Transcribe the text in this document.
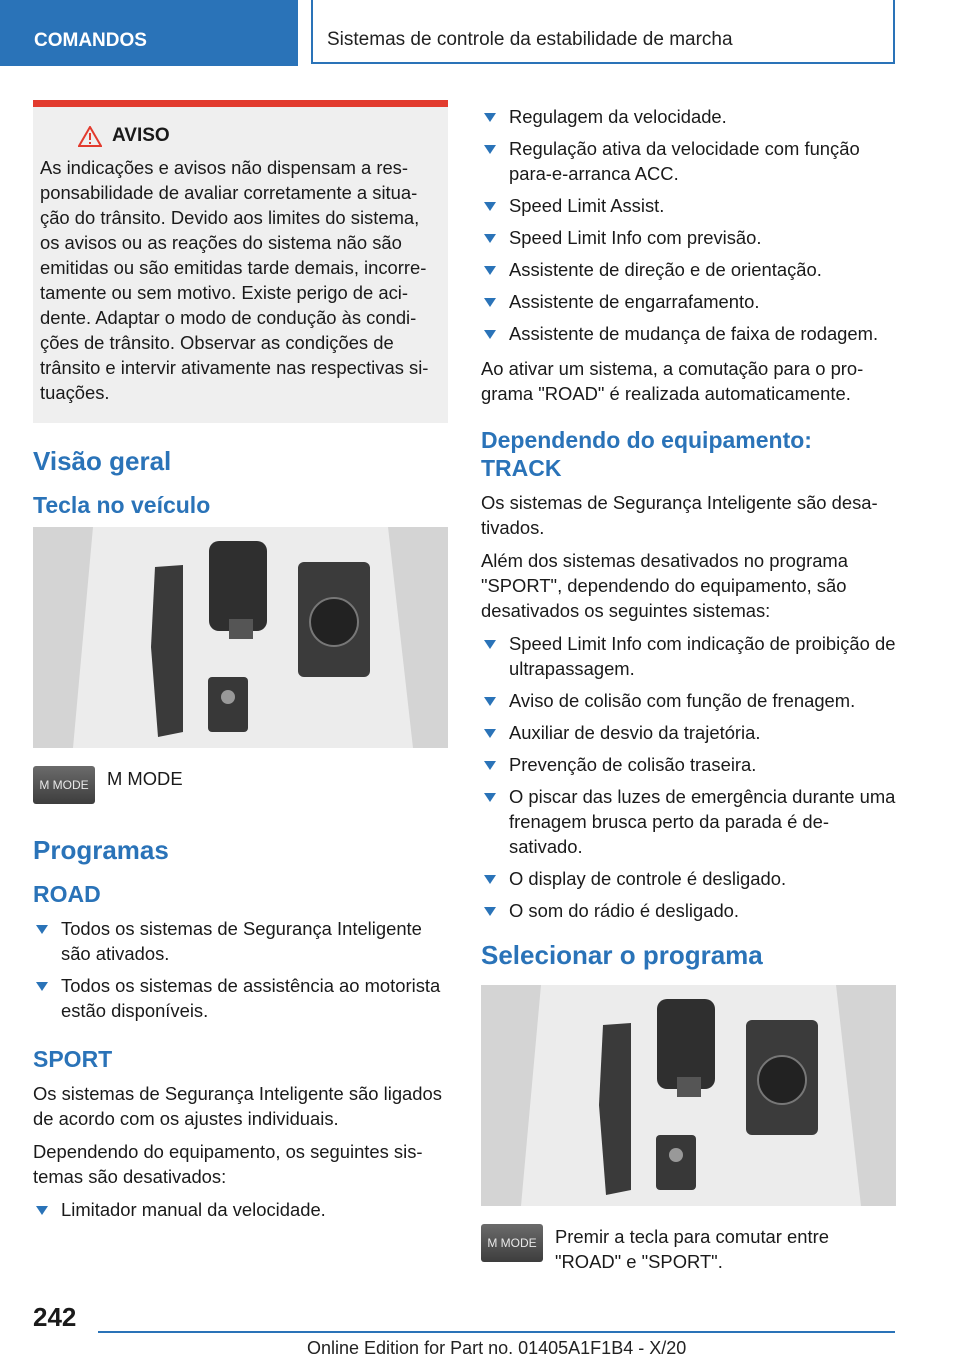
COMANDOS	Sistemas de controle da estabilidade de marcha
AVISO
As indicações e avisos não dispensam a responsabilidade de avaliar corretamente a situação do trânsito. Devido aos limites do sistema, os avisos ou as reações do sistema não são emitidas ou são emitidas tarde demais, incorretamente ou sem motivo. Existe perigo de acidente. Adaptar o modo de condução às condições de trânsito. Observar as condições de trânsito e intervir ativamente nas respectivas situações.
Visão geral
Tecla no veículo
M MODE M MODE

Programas
ROAD
Todos os sistemas de Segurança Inteligente são ativados.
Todos os sistemas de assistência ao motorista estão disponíveis.
SPORT

Os sistemas de Segurança Inteligente são ligados de acordo com os ajustes individuais.

Dependendo do equipamento, os seguintes sistemas são desativados:

Limitador manual da velocidade.
Regulagem da velocidade.
Regulação ativa da velocidade com função para-e-arranca ACC.
Speed Limit Assist.
Speed Limit Info com previsão.
Assistente de direção e de orientação.
Assistente de engarrafamento.
Assistente de mudança de faixa de rodagem.

Ao ativar um sistema, a comutação para o programa "ROAD" é realizada automaticamente.

Dependendo do equipamento: TRACK

Os sistemas de Segurança Inteligente são desativados.

Além dos sistemas desativados no programa "SPORT", dependendo do equipamento, são desativados os seguintes sistemas:

Speed Limit Info com indicação de proibição de ultrapassagem.
Aviso de colisão com função de frenagem.
Auxiliar de desvio da trajetória.
Prevenção de colisão traseira.
O piscar das luzes de emergência durante uma frenagem brusca perto da parada é desativado.
O display de controle é desligado.
O som do rádio é desligado.
Selecionar o programa
M MODE Premir a tecla para comutar entre "ROAD" e "SPORT".

242
Online Edition for Part no. 01405A1F1B4 - X/20
